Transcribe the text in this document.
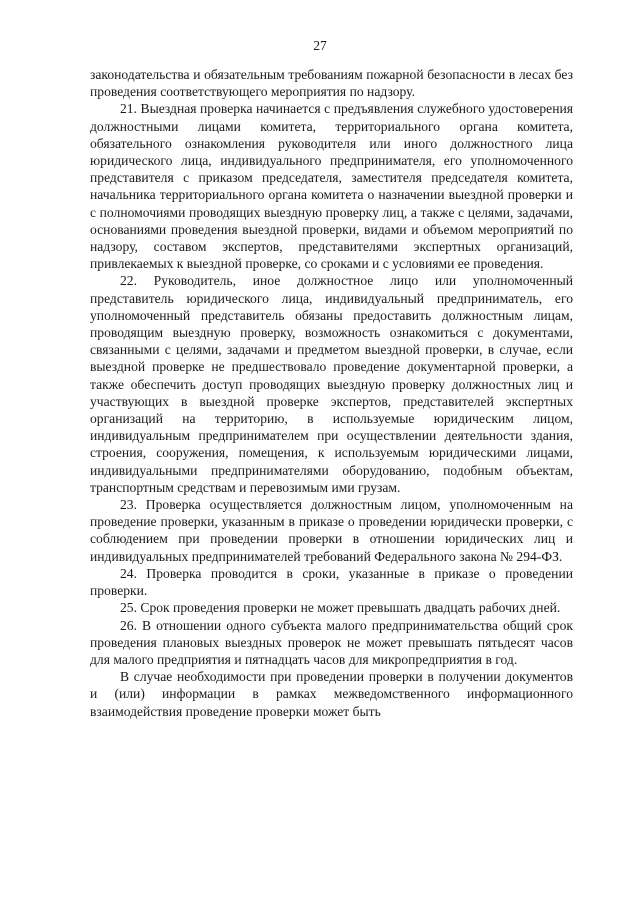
27

законодательства и обязательным требованиям пожарной безопасности в лесах без проведения соответствующего мероприятия по надзору.

21. Выездная проверка начинается с предъявления служебного удостоверения должностными лицами комитета, территориального органа комитета, обязательного ознакомления руководителя или иного должностного лица юридического лица, индивидуального предпринимателя, его уполномоченного представителя с приказом председателя, заместителя председателя комитета, начальника территориального органа комитета о назначении выездной проверки и с полномочиями проводящих выездную проверку лиц, а также с целями, задачами, основаниями проведения выездной проверки, видами и объемом мероприятий по надзору, составом экспертов, представителями экспертных организаций, привлекаемых к выездной проверке, со сроками и с условиями ее проведения.

22. Руководитель, иное должностное лицо или уполномоченный представитель юридического лица, индивидуальный предприниматель, его уполномоченный представитель обязаны предоставить должностным лицам, проводящим выездную проверку, возможность ознакомиться с документами, связанными с целями, задачами и предметом выездной проверки, в случае, если выездной проверке не предшествовало проведение документарной проверки, а также обеспечить доступ проводящих выездную проверку должностных лиц и участвующих в выездной проверке экспертов, представителей экспертных организаций на территорию, в используемые юридическим лицом, индивидуальным предпринимателем при осуществлении деятельности здания, строения, сооружения, помещения, к используемым юридическими лицами, индивидуальными предпринимателями оборудованию, подобным объектам, транспортным средствам и перевозимым ими грузам.

23. Проверка осуществляется должностным лицом, уполномоченным на проведение проверки, указанным в приказе о проведении юридически проверки, с соблюдением при проведении проверки в отношении юридических лиц и индивидуальных предпринимателей требований Федерального закона № 294-ФЗ.

24. Проверка проводится в сроки, указанные в приказе о проведении проверки.

25. Срок проведения проверки не может превышать двадцать рабочих дней.

26. В отношении одного субъекта малого предпринимательства общий срок проведения плановых выездных проверок не может превышать пятьдесят часов для малого предприятия и пятнадцать часов для микропредприятия в год.

В случае необходимости при проведении проверки в получении документов и (или) информации в рамках межведомственного информационного взаимодействия проведение проверки может быть
